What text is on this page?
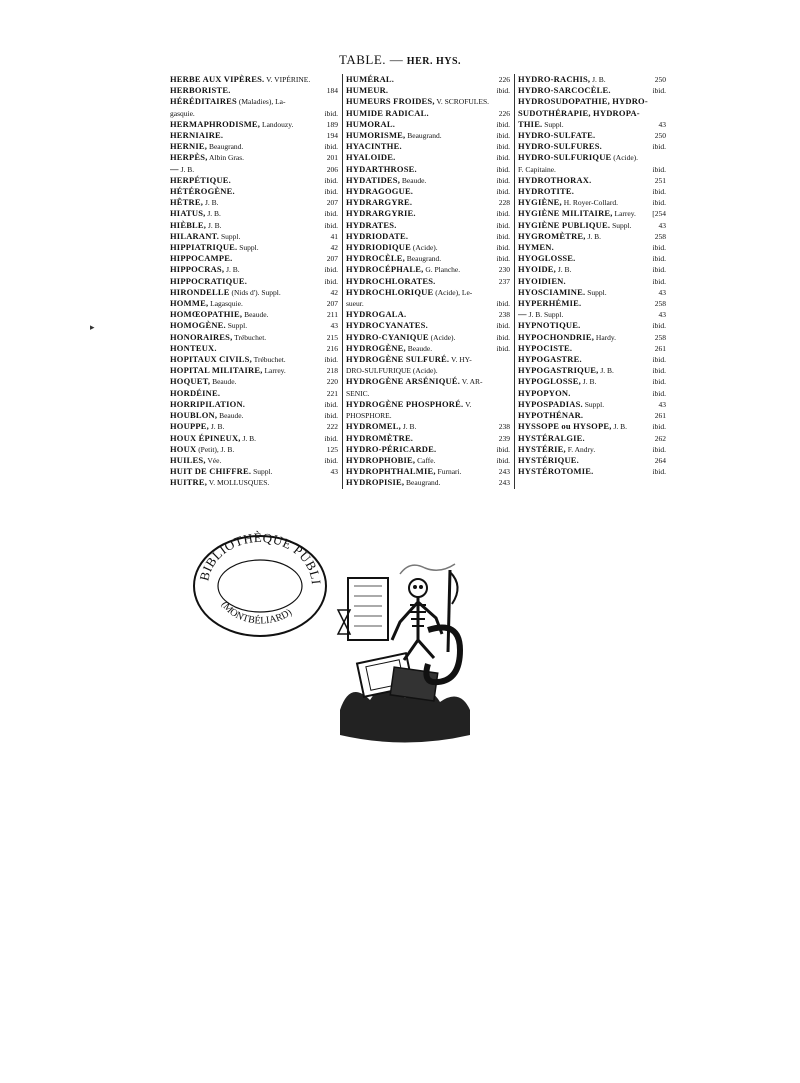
TABLE. — HER. HYS.
HERBE AUX VIPÈRES. V. VIPÉRINE.
HERBORISTE.	184
HÉRÉDITAIRES (Maladies), La-
gasquie.	ibid.
HERMAPHRODISME, Landouzy.	189
HERNIAIRE.	194
HERNIE, Beaugrand.	ibid.
HERPÈS, Albin Gras.	201
— J. B.	206
HERPÉTIQUE.	ibid.
HÉTÉROGÈNE.	ibid.
HÊTRE, J. B.	207
HIATUS, J. B.	ibid.
HIÈBLE, J. B.	ibid.
HILARANT. Suppl.	41
HIPPIATRIQUE. Suppl.	42
HIPPOCAMPE.	207
HIPPOCRAS, J. B.	ibid.
HIPPOCRATIQUE.	ibid.
HIRONDELLE (Nids d'). Suppl.	42
HOMME, Lagasquie.	207
HOMŒOPATHIE, Beaude.	211
HOMOGÈNE. Suppl.	43
HONORAIRES, Trébuchet.	215
HONTEUX.	216
HOPITAUX CIVILS, Trébuchet.	ibid.
HOPITAL MILITAIRE, Larrey.	218
HOQUET, Beaude.	220
HORDÉINE.	221
HORRIPILATION.	ibid.
HOUBLON, Beaude.	ibid.
HOUPPE, J. B.	222
HOUX ÉPINEUX, J. B.	ibid.
HOUX (Petit), J. B.	125
HUILES, Vée.	ibid.
HUIT DE CHIFFRE. Suppl.	43
HUITRE, V. MOLLUSQUES.
HUMÉRAL.	226
HUMEUR.	ibid.
HUMEURS FROIDES, V. SCROFULES.
HUMIDE RADICAL.	226
HUMORAL.	ibid.
HUMORISME, Beaugrand.	ibid.
HYACINTHE.	ibid.
HYALOIDE.	ibid.
HYDARTHROSE.	ibid.
HYDATIDES, Beaude.	ibid.
HYDRAGOGUE.	ibid.
HYDRARGYRE.	228
HYDRARGYRIE.	ibid.
HYDRATES.	ibid.
HYDRIODATE.	ibid.
HYDRIODIQUE (Acide).	ibid.
HYDROCÈLE, Beaugrand.	ibid.
HYDROCÉPHALE, G. Planche.	230
HYDROCHLORATES.	237
HYDROCHLORIQUE (Acide), Le-
sueur.	ibid.
HYDROGALA.	238
HYDROCYANATES.	ibid.
HYDRO-CYANIQUE (Acide).	ibid.
HYDROGÈNE, Beaude.	ibid.
HYDROGÈNE SULFURÉ. V. HY-
DRO-SULFURIQUE (Acide).
HYDROGÈNE ARSÉNIQUÉ. V. AR-
SENIC.
HYDROGÈNE PHOSPHORÉ. V.
PHOSPHORE.
HYDROMEL, J. B.	238
HYDROMÈTRE.	239
HYDRO-PÉRICARDE.	ibid.
HYDROPHOBIE, Caffe.	ibid.
HYDROPHTHALMIE, Furnari.	243
HYDROPISIE, Beaugrand.	243
HYDRO-RACHIS, J. B.	250
HYDRO-SARCOCÈLE.	ibid.
HYDROSUDOPATHIE, HYDRO-
SUDOTHÉRAPIE, HYDROPA-
THIE. Suppl.	43
HYDRO-SULFATE.	250
HYDRO-SULFURES.	ibid.
HYDRO-SULFURIQUE (Acide).
F. Capitaine.	ibid.
HYDROTHORAX.	251
HYDROTITE.	ibid.
HYGIÈNE, H. Royer-Collard.	ibid.
HYGIÈNE MILITAIRE, Larrey.	[254
HYGIÈNE PUBLIQUE. Suppl.	43
HYGROMÈTRE, J. B.	258
HYMEN.	ibid.
HYOGLOSSE.	ibid.
HYOIDE, J. B.	ibid.
HYOIDIEN.	ibid.
HYOSCIAMINE. Suppl.	43
HYPERHÉMIE.	258
— J. B. Suppl.	43
HYPNOTIQUE.	ibid.
HYPOCHONDRIE, Hardy.	258
HYPOCISTE.	261
HYPOGASTRE.	ibid.
HYPOGASTRIQUE, J. B.	ibid.
HYPOGLOSSE, J. B.	ibid.
HYPOPYON.	ibid.
HYPOSPADIAS. Suppl.	43
HYPOTHÉNAR.	261
HYSSOPE ou HYSOPE, J. B.	ibid.
HYSTÉRALGIE.	262
HYSTÉRIE, F. Andry.	ibid.
HYSTÉRIQUE.	264
HYSTÉROTOMIE.	ibid.
BIBLIOTHÈQUE PUBLI
(MONTBÉLIARD)
▸
